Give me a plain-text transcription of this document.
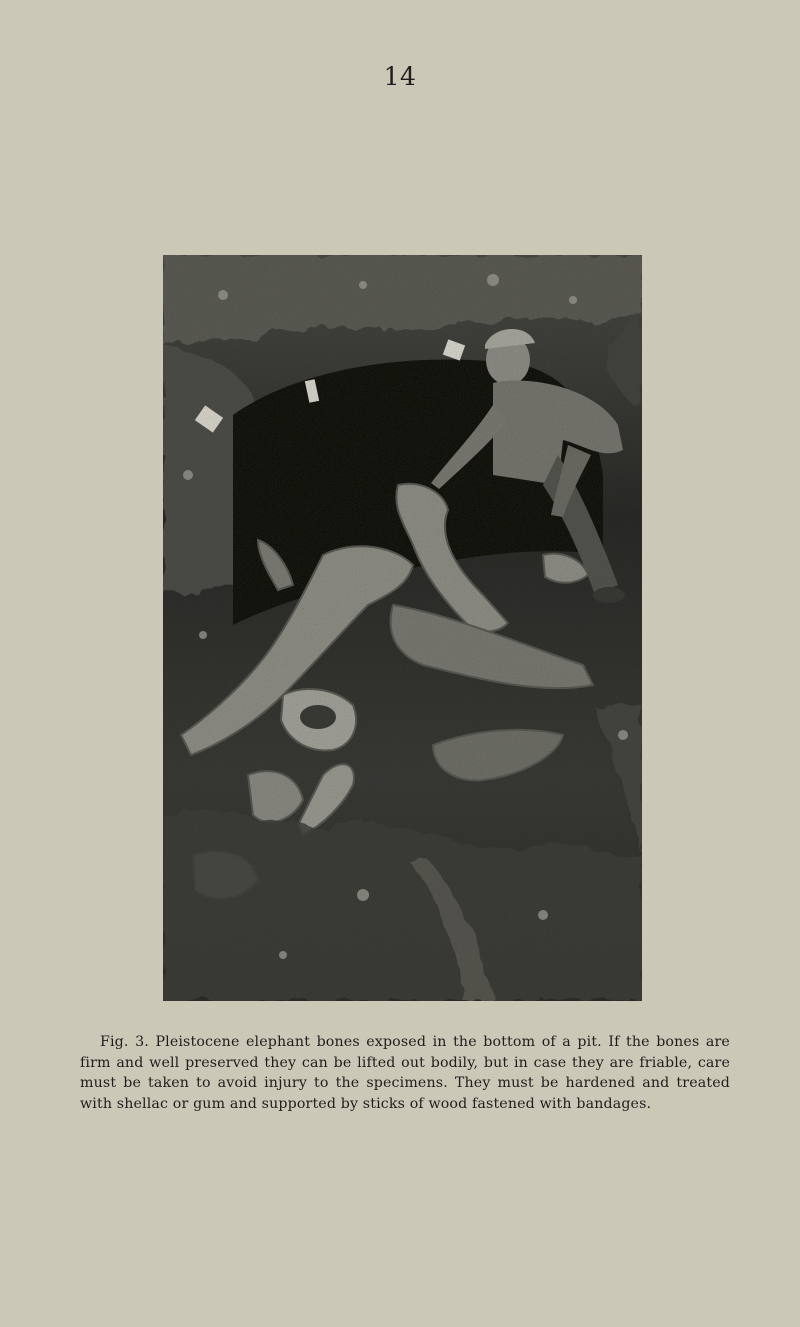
14

Fig. 3. Pleistocene elephant bones exposed in the bottom of a pit. If the bones are firm and well preserved they can be lifted out bodily, but in case they are friable, care must be taken to avoid injury to the specimens. They must be hardened and treated with shellac or gum and supported by sticks of wood fastened with bandages.
